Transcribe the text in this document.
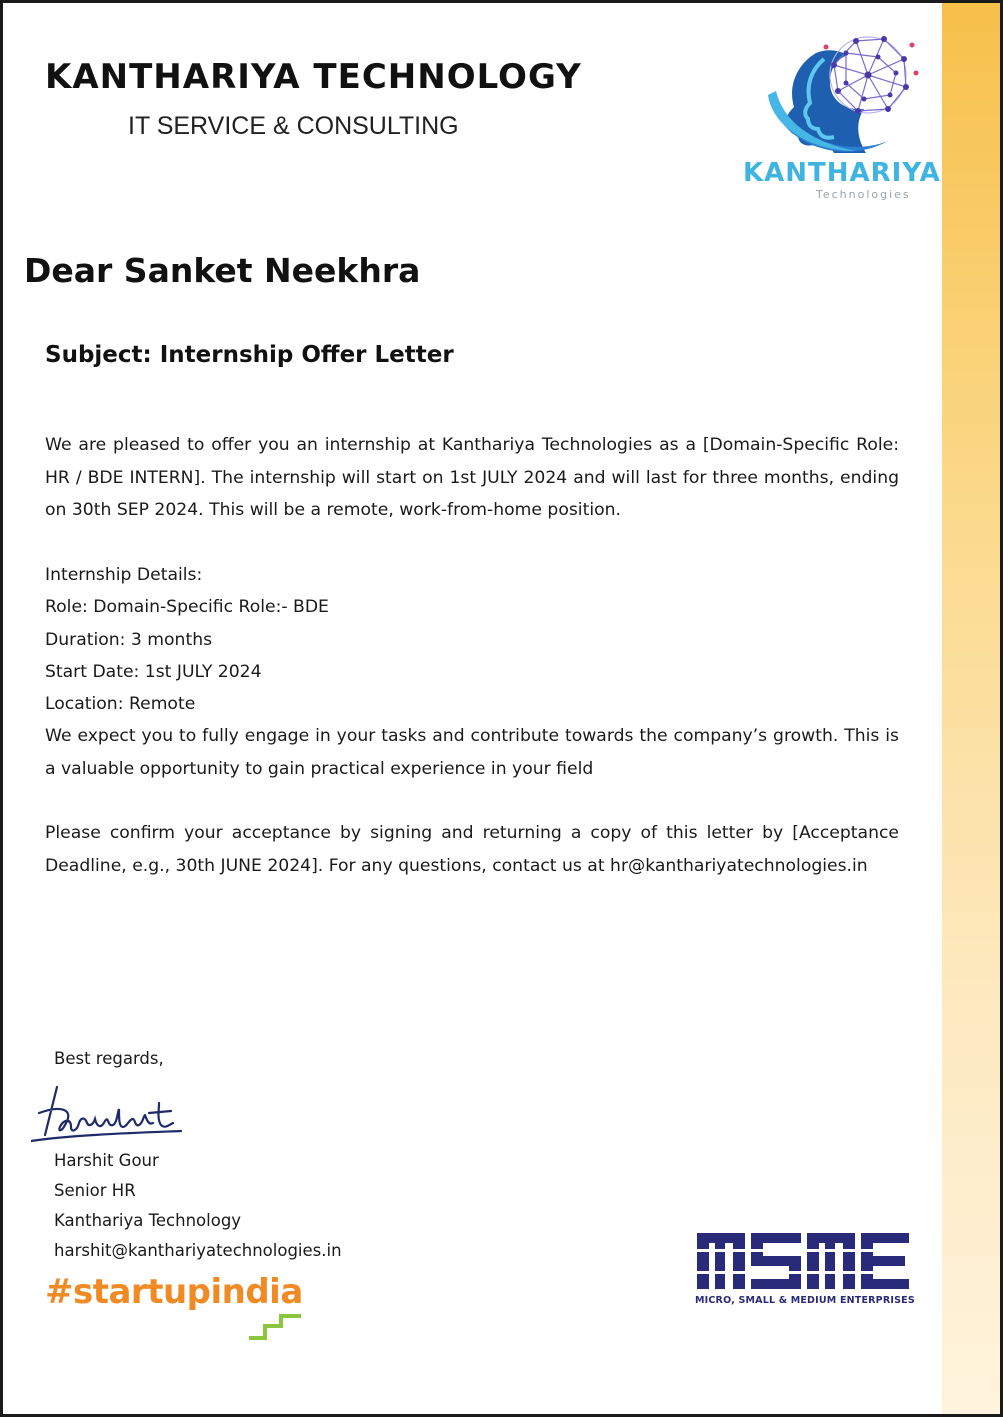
KANTHARIYA TECHNOLOGY
IT SERVICE & CONSULTING
KANTHARIYA
Technologies
Dear Sanket Neekhra
Subject: Internship Offer Letter

We are pleased to offer you an internship at Kanthariya Technologies as a [Domain-Specific Role: HR / BDE INTERN]. The internship will start on 1st JULY 2024 and will last for three months, ending on 30th SEP 2024. This will be a remote, work-from-home position.

Internship Details:
Role: Domain-Specific Role:- BDE
Duration: 3 months
Start Date: 1st JULY 2024
Location: Remote

We expect you to fully engage in your tasks and contribute towards the company’s growth. This is a valuable opportunity to gain practical experience in your field

Please confirm your acceptance by signing and returning a copy of this letter by [Acceptance Deadline, e.g., 30th JUNE 2024]. For any questions, contact us at hr@kanthariyatechnologies.in

Best regards,
Harshit Gour
Senior HR
Kanthariya Technology
harshit@kanthariyatechnologies.in
#startupindia	MICRO, SMALL & MEDIUM ENTERPRISES
